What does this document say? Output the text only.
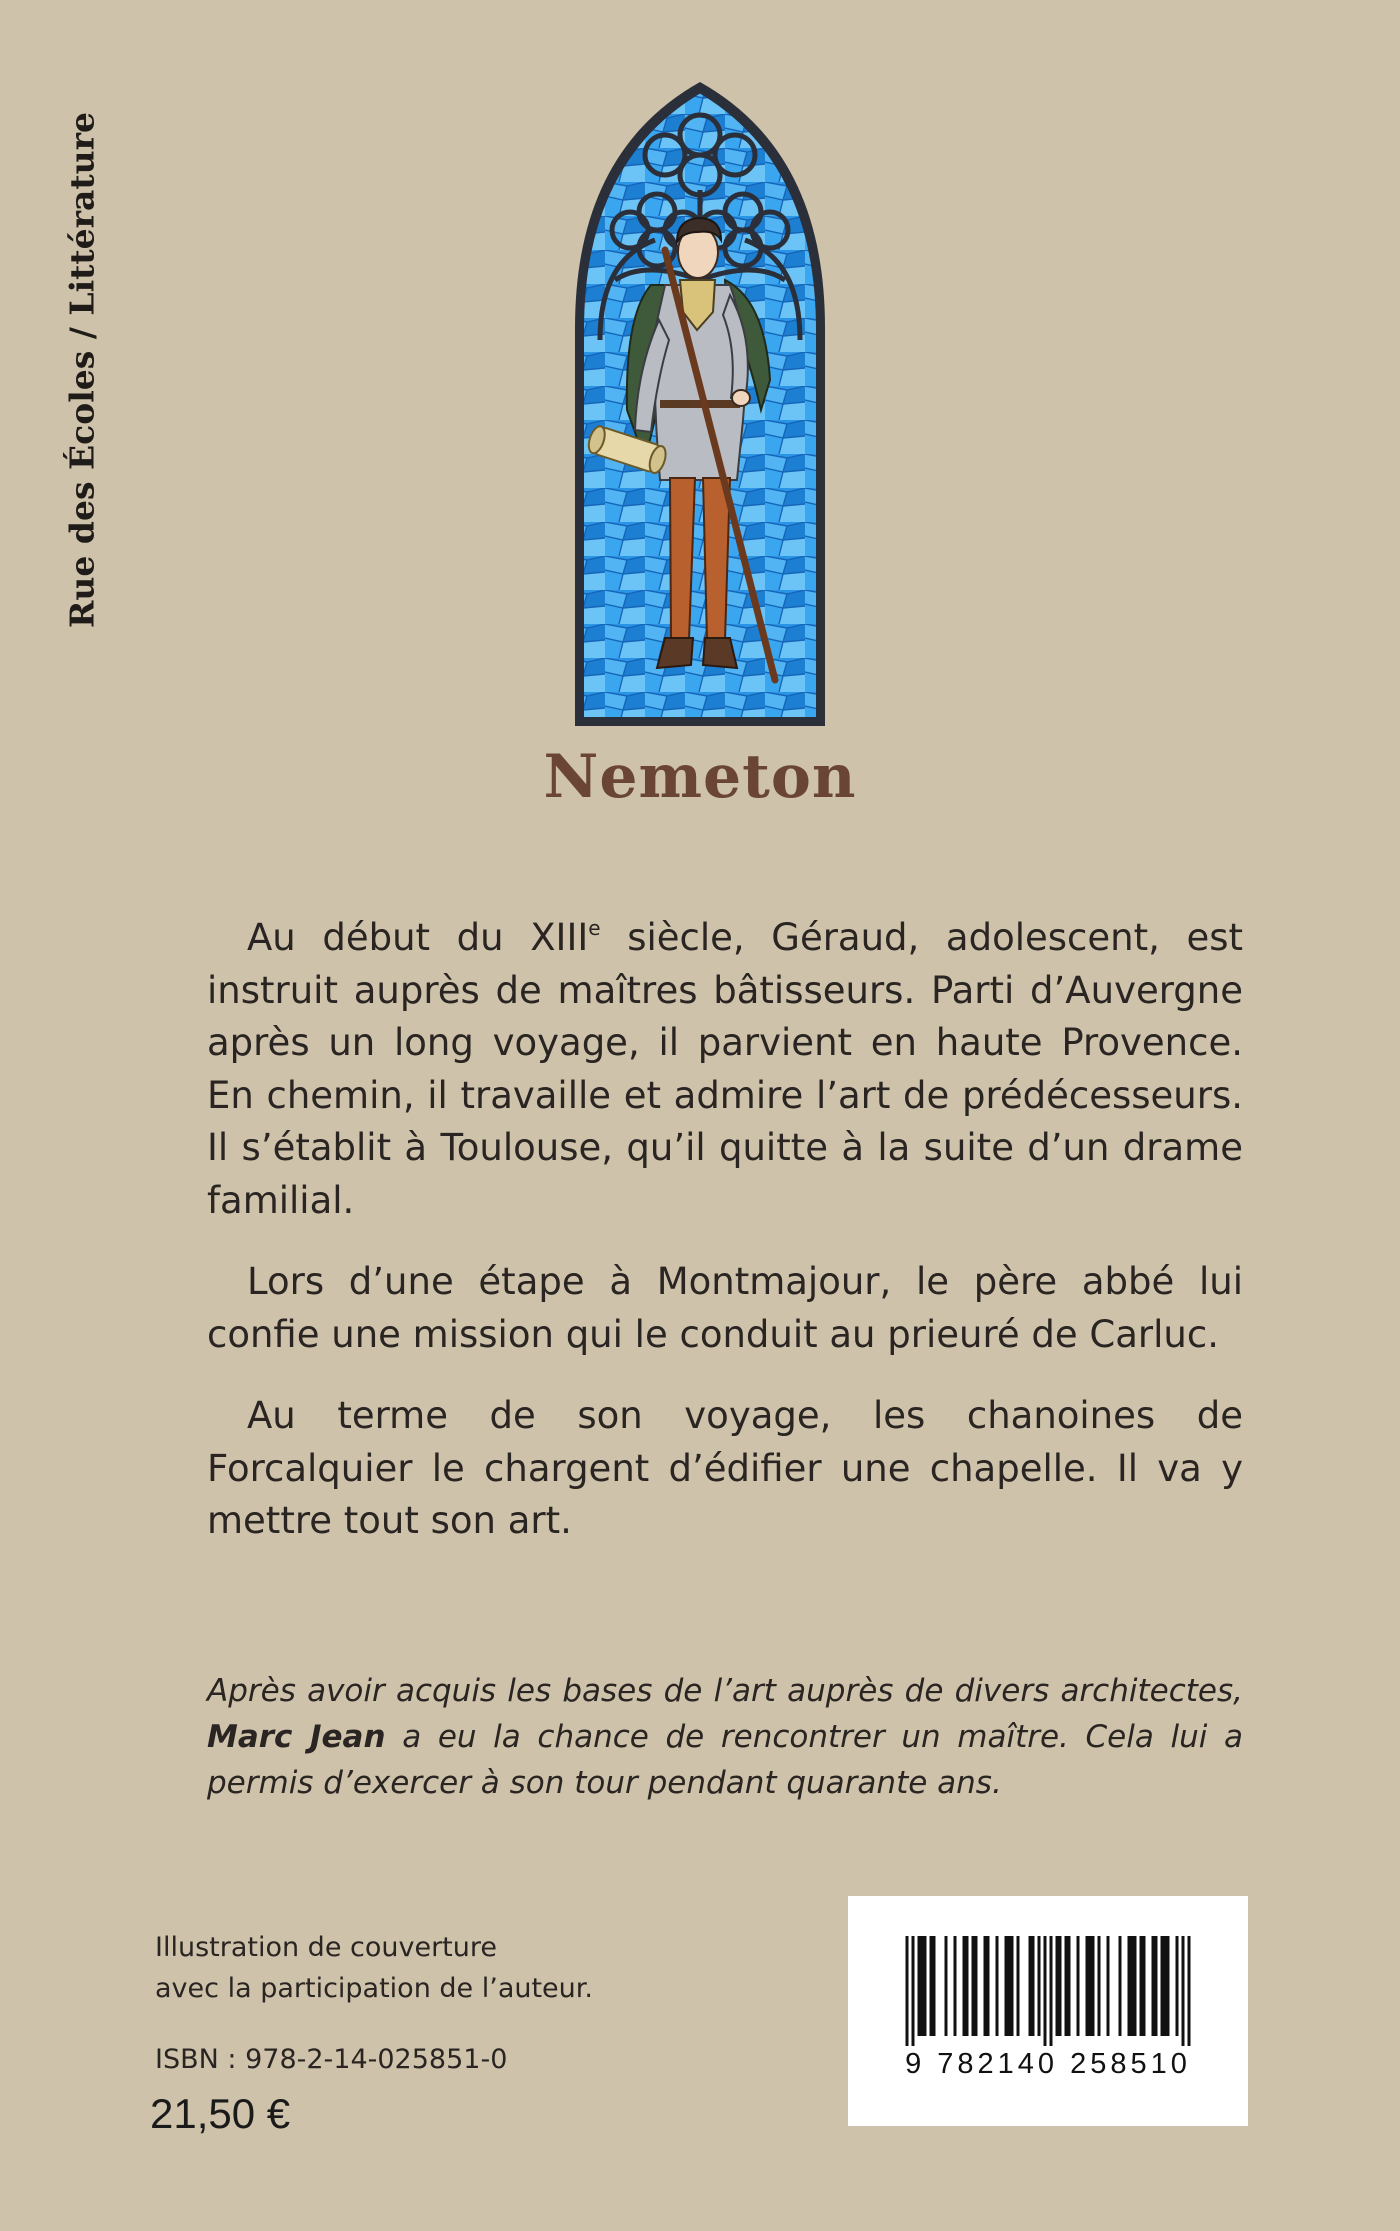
Rue des Écoles / Littérature
Nemeton

Au début du XIIIe siècle, Géraud, adolescent, est instruit auprès de maîtres bâtisseurs. Parti d’Auvergne après un long voyage, il parvient en haute Provence. En chemin, il travaille et admire l’art de prédécesseurs. Il s’établit à Toulouse, qu’il quitte à la suite d’un drame familial.

Lors d’une étape à Montmajour, le père abbé lui confie une mission qui le conduit au prieuré de Carluc.

Au terme de son voyage, les chanoines de Forcalquier le chargent d’édifier une chapelle. Il va y mettre tout son art.

Après avoir acquis les bases de l’art auprès de divers architectes, Marc Jean a eu la chance de rencontrer un maître. Cela lui a permis d’exercer à son tour pendant quarante ans.
Illustration de couverture
avec la participation de l’auteur.
ISBN : 978-2-14-025851-0
21,50 €
9 782140 258510
